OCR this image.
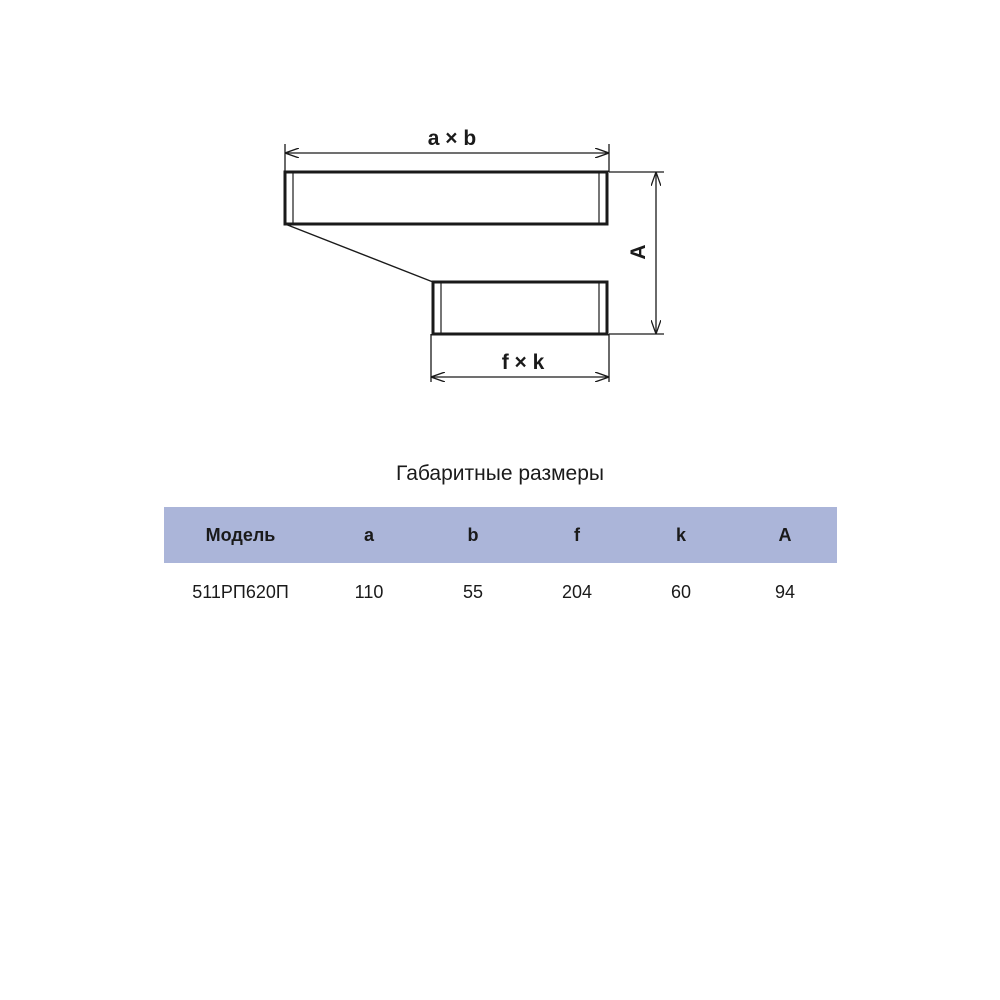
a × b
f × k
A
Габаритные размеры
Модель	a	b	f	k	A
511РП620П	110	55	204	60	94
